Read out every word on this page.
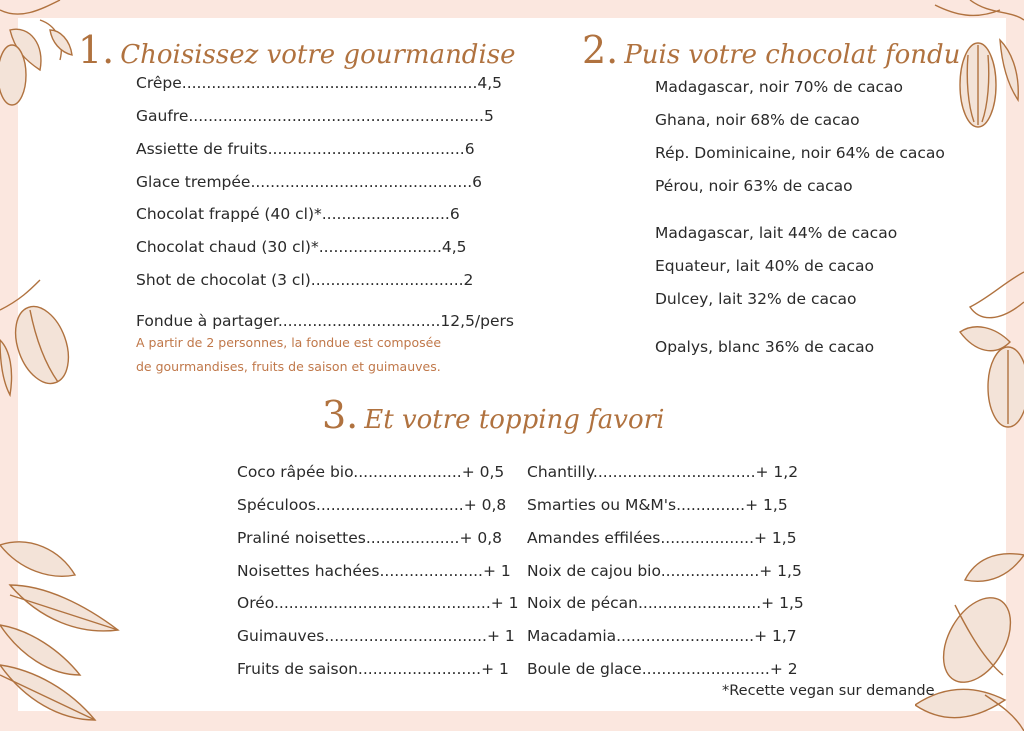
1. Choisissez votre gourmandise
Crêpe............................................................4,5
Gaufre............................................................5
Assiette de fruits........................................6
Glace trempée.............................................6
Chocolat frappé (40 cl)*..........................6
Chocolat chaud (30 cl)*.........................4,5
Shot de chocolat (3 cl)...............................2
Fondue à partager.................................12,5/pers
A partir de 2 personnes, la fondue est composée
de gourmandises, fruits de saison et guimauves.
2. Puis votre chocolat fondu
Madagascar, noir 70% de cacao
Ghana, noir 68% de cacao
Rép. Dominicaine, noir 64% de cacao
Pérou, noir 63% de cacao
Madagascar, lait 44% de cacao
Equateur, lait 40% de cacao
Dulcey, lait 32% de cacao
Opalys, blanc 36% de cacao
3. Et votre topping favori
Coco râpée bio......................+ 0,5
Spéculoos..............................+ 0,8
Praliné noisettes...................+ 0,8
Noisettes hachées.....................+ 1
Oréo............................................+ 1
Guimauves.................................+ 1
Fruits de saison.........................+ 1
Chantilly.................................+ 1,2
Smarties ou M&M's..............+ 1,5
Amandes effilées...................+ 1,5
Noix de cajou bio....................+ 1,5
Noix de pécan.........................+ 1,5
Macadamia............................+ 1,7
Boule de glace..........................+ 2
*Recette vegan sur demande
